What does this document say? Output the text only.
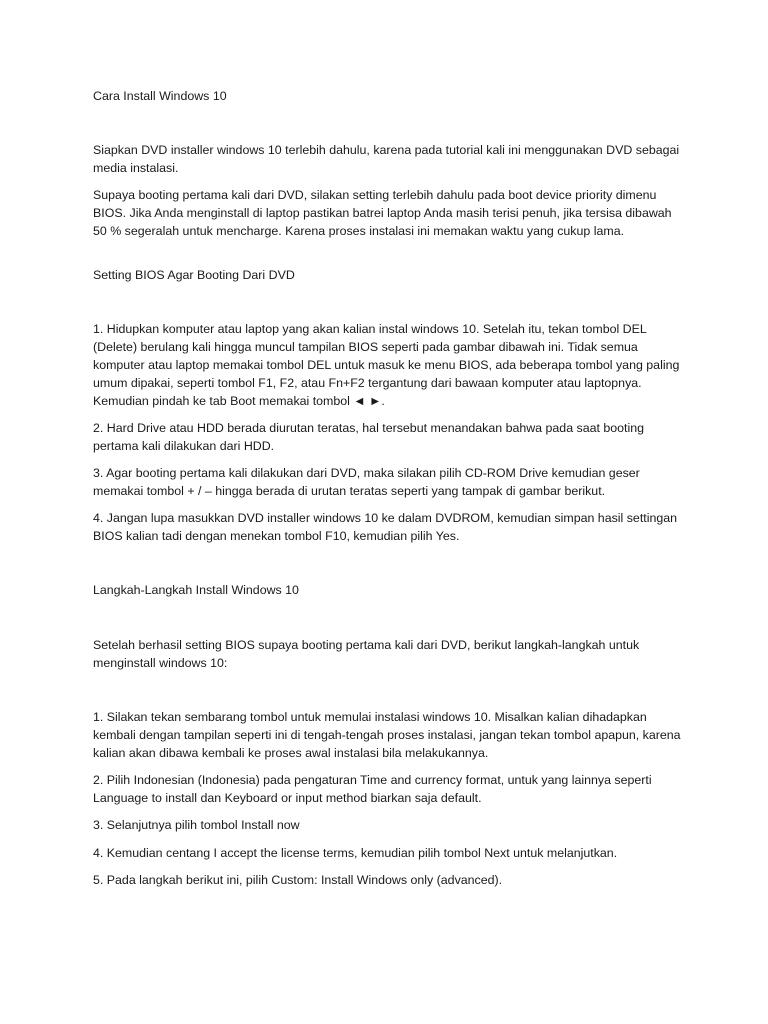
Cara Install Windows 10

Siapkan DVD installer windows 10 terlebih dahulu, karena pada tutorial kali ini menggunakan DVD sebagai media instalasi.

Supaya booting pertama kali dari DVD, silakan setting terlebih dahulu pada boot device priority dimenu BIOS. Jika Anda menginstall di laptop pastikan batrei laptop Anda masih terisi penuh, jika tersisa dibawah 50 % segeralah untuk mencharge. Karena proses instalasi ini memakan waktu yang cukup lama.

Setting BIOS Agar Booting Dari DVD

1. Hidupkan komputer atau laptop yang akan kalian instal windows 10. Setelah itu, tekan tombol DEL (Delete) berulang kali hingga muncul tampilan BIOS seperti pada gambar dibawah ini. Tidak semua komputer atau laptop memakai tombol DEL untuk masuk ke menu BIOS, ada beberapa tombol yang paling umum dipakai, seperti tombol F1, F2, atau Fn+F2 tergantung dari bawaan komputer atau laptopnya. Kemudian pindah ke tab Boot memakai tombol ◄ ►.

2. Hard Drive atau HDD berada diurutan teratas, hal tersebut menandakan bahwa pada saat booting pertama kali dilakukan dari HDD.

3. Agar booting pertama kali dilakukan dari DVD, maka silakan pilih CD-ROM Drive kemudian geser memakai tombol + / – hingga berada di urutan teratas seperti yang tampak di gambar berikut.

4. Jangan lupa masukkan DVD installer windows 10 ke dalam DVDROM, kemudian simpan hasil settingan BIOS kalian tadi dengan menekan tombol F10, kemudian pilih Yes.

Langkah-Langkah Install Windows 10

Setelah berhasil setting BIOS supaya booting pertama kali dari DVD, berikut langkah-langkah untuk menginstall windows 10:

1. Silakan tekan sembarang tombol untuk memulai instalasi windows 10. Misalkan kalian dihadapkan kembali dengan tampilan seperti ini di tengah-tengah proses instalasi, jangan tekan tombol apapun, karena kalian akan dibawa kembali ke proses awal instalasi bila melakukannya.

2. Pilih Indonesian (Indonesia) pada pengaturan Time and currency format, untuk yang lainnya seperti Language to install dan Keyboard or input method biarkan saja default.

3. Selanjutnya pilih tombol Install now

4. Kemudian centang I accept the license terms, kemudian pilih tombol Next untuk melanjutkan.

5. Pada langkah berikut ini, pilih Custom: Install Windows only (advanced).
